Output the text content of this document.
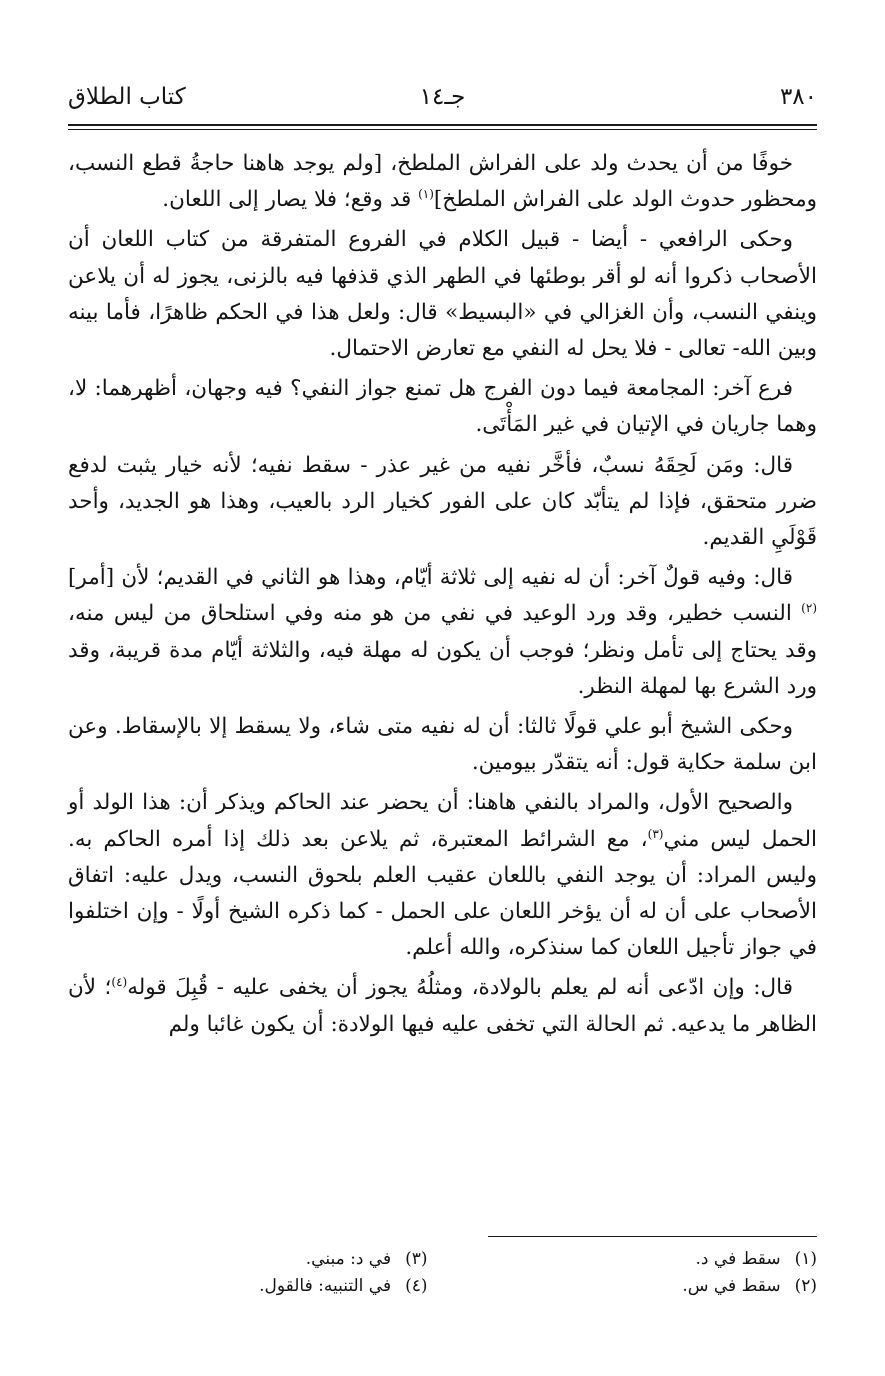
٣٨٠
جـ١٤
كتاب الطلاق

خوفًا من أن يحدث ولد على الفراش الملطخ، [ولم يوجد هاهنا حاجةُ قطع النسب، ومحظور حدوث الولد على الفراش الملطخ]$^{(١)}$ قد وقع؛ فلا يصار إلى اللعان.

وحكى الرافعي - أيضا - قبيل الكلام في الفروع المتفرقة من كتاب اللعان أن الأصحاب ذكروا أنه لو أقر بوطئها في الطهر الذي قذفها فيه بالزنى، يجوز له أن يلاعن وينفي النسب، وأن الغزالي في «البسيط» قال: ولعل هذا في الحكم ظاهرًا، فأما بينه وبين الله- تعالى - فلا يحل له النفي مع تعارض الاحتمال.

فرع آخر: المجامعة فيما دون الفرج هل تمنع جواز النفي؟ فيه وجهان، أظهرهما: لا، وهما جاريان في الإتيان في غير المَأْتَى.

قال: ومَن لَحِقَهُ نسبٌ، فأخَّر نفيه من غير عذر - سقط نفيه؛ لأنه خيار يثبت لدفع ضرر متحقق، فإذا لم يتأبّد كان على الفور كخيار الرد بالعيب، وهذا هو الجديد، وأحد قَوْلَيِ القديم.

قال: وفيه قولٌ آخر: أن له نفيه إلى ثلاثة أيّام، وهذا هو الثاني في القديم؛ لأن [أمر]$^{(٢)}$ النسب خطير، وقد ورد الوعيد في نفي من هو منه وفي استلحاق من ليس منه، وقد يحتاج إلى تأمل ونظر؛ فوجب أن يكون له مهلة فيه، والثلاثة أيّام مدة قريبة، وقد ورد الشرع بها لمهلة النظر.

وحكى الشيخ أبو علي قولًا ثالثا: أن له نفيه متى شاء، ولا يسقط إلا بالإسقاط. وعن ابن سلمة حكاية قول: أنه يتقدّر بيومين.

والصحيح الأول، والمراد بالنفي هاهنا: أن يحضر عند الحاكم ويذكر أن: هذا الولد أو الحمل ليس مني$^{(٣)}$، مع الشرائط المعتبرة، ثم يلاعن بعد ذلك إذا أمره الحاكم به. وليس المراد: أن يوجد النفي باللعان عقيب العلم بلحوق النسب، ويدل عليه: اتفاق الأصحاب على أن له أن يؤخر اللعان على الحمل - كما ذكره الشيخ أولًا - وإن اختلفوا في جواز تأجيل اللعان كما سنذكره، والله أعلم.

قال: وإن ادّعى أنه لم يعلم بالولادة، ومثلُهُ يجوز أن يخفى عليه - قُبِلَ قوله$^{(٤)}$؛ لأن الظاهر ما يدعيه. ثم الحالة التي تخفى عليه فيها الولادة: أن يكون غائبا ولم

(١)سقط في د.
(٢)سقط في س.
(٣)في د: مبني.
(٤)في التنبيه: فالقول.
